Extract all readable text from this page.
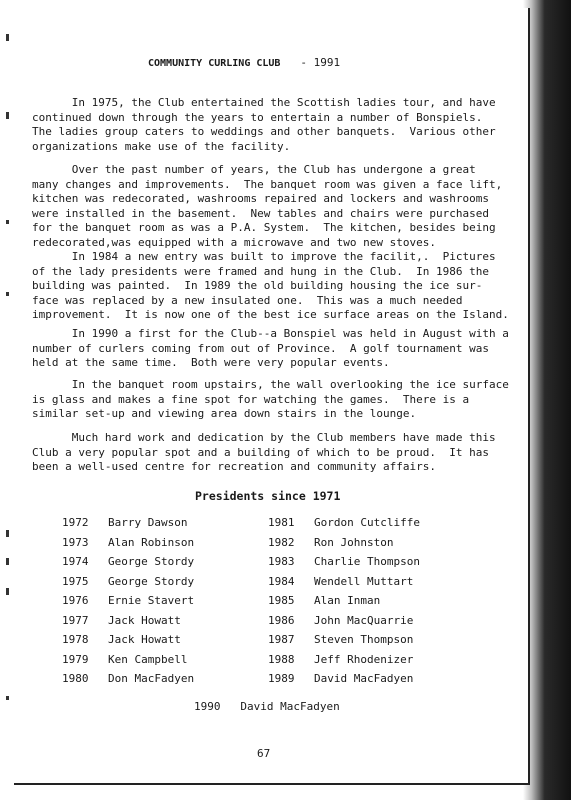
COMMUNITY CURLING CLUB - 1991

In 1975, the Club entertained the Scottish ladies tour, and have
continued down through the years to entertain a number of Bonspiels.
The ladies group caters to weddings and other banquets.  Various other
organizations make use of the facility.

Over the past number of years, the Club has undergone a great
many changes and improvements.  The banquet room was given a face lift,
kitchen was redecorated, washrooms repaired and lockers and washrooms
were installed in the basement.  New tables and chairs were purchased
for the banquet room as was a P.A. System.  The kitchen, besides being
redecorated,was equipped with a microwave and two new stoves.

In 1984 a new entry was built to improve the facilit,.  Pictures
of the lady presidents were framed and hung in the Club.  In 1986 the
building was painted.  In 1989 the old building housing the ice sur-
face was replaced by a new insulated one.  This was a much needed
improvement.  It is now one of the best ice surface areas on the Island.

In 1990 a first for the Club--a Bonspiel was held in August with
number of curlers coming from out of Province.  A golf tournament was
held at the same time.  Both were very popular events.

In the banquet room upstairs, the wall overlooking the ice surface
is glass and makes a fine spot for watching the games.  There is a
similar set-up and viewing area down stairs in the lounge.

Much hard work and dedication by the Club members have made this
Club a very popular spot and a building of which to be proud.  It has
been a well-used centre for recreation and community affairs.

Presidents since 1971
1972 Barry Dawson
1973 Alan Robinson
1974 George Stordy
1975 George Stordy
1976 Ernie Stavert
1977 Jack Howatt
1978 Jack Howatt
1979 Ken Campbell
1980 Don MacFadyen
1981 Gordon Cutcliffe
1982 Ron Johnston
1983 Charlie Thompson
1984 Wendell Muttart
1985 Alan Inman
1986 John MacQuarrie
1987 Steven Thompson
1988 Jeff Rhodenizer
1989 David MacFadyen
1990 David MacFadyen
67
